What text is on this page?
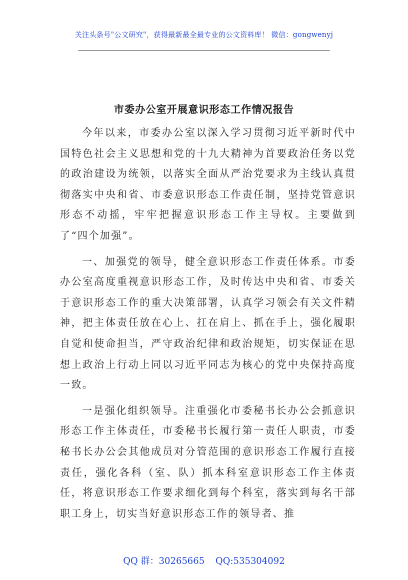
关注头条号"公文研究"，获得最新最全最专业的公文资料库！ 微信：gongwenyj
市委办公室开展意识形态工作情况报告

今年以来，市委办公室以深入学习贯彻习近平新时代中国特色社会主义思想和党的十九大精神为首要政治任务以党的政治建设为统领，以落实全面从严治党要求为主线认真贯彻落实中央和省、市委意识形态工作责任制，坚持党管意识形态不动摇，牢牢把握意识形态工作主导权。主要做到了“四个加强”。

一、加强党的领导，健全意识形态工作责任体系。市委办公室高度重视意识形态工作，及时传达中央和省、市委关于意识形态工作的重大决策部署，认真学习领会有关文件精神，把主体责任放在心上、扛在肩上、抓在手上，强化履职自觉和使命担当，严守政治纪律和政治规矩，切实保证在思想上政治上行动上同以习近平同志为核心的党中央保持高度一致。

一是强化组织领导。注重强化市委秘书长办公会抓意识形态工作主体责任，市委秘书长履行第一责任人职责，市委秘书长办公会其他成员对分管范围的意识形态工作履行直接责任，强化各科（室、队）抓本科室意识形态工作主体责任，将意识形态工作要求细化到每个科室，落实到每名干部职工身上，切实当好意识形态工作的领导者、推

QQ 群：30265665 QQ:535304092
